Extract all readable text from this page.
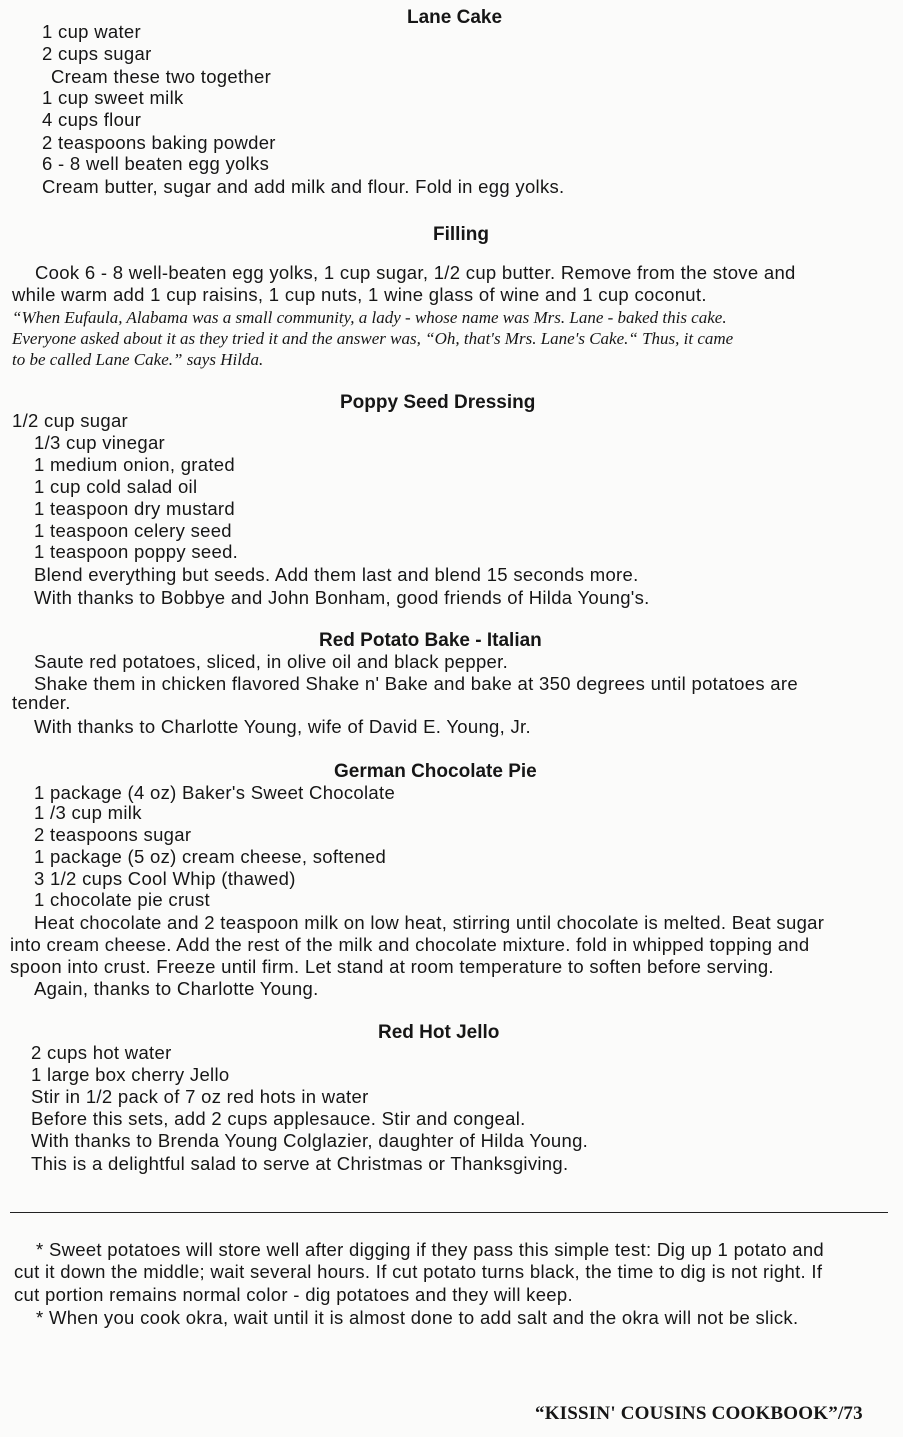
Lane Cake
1 cup water
2 cups sugar
Cream these two together
1 cup sweet milk
4 cups flour
2 teaspoons baking powder
6 - 8 well beaten egg yolks
Cream butter, sugar and add milk and flour. Fold in egg yolks.
Filling
Cook 6 - 8 well-beaten egg yolks, 1 cup sugar, 1/2 cup butter. Remove from the stove and
while warm add 1 cup raisins, 1 cup nuts, 1 wine glass of wine and 1 cup coconut.
“When Eufaula, Alabama was a small community, a lady - whose name was Mrs. Lane - baked this cake.
Everyone asked about it as they tried it and the answer was, “Oh, that's Mrs. Lane's Cake.“ Thus, it came
to be called Lane Cake.” says Hilda.
Poppy Seed Dressing
1/2 cup sugar
1/3 cup vinegar
1 medium onion, grated
1 cup cold salad oil
1 teaspoon dry mustard
1 teaspoon celery seed
1 teaspoon poppy seed.
Blend everything but seeds. Add them last and blend 15 seconds more.
With thanks to Bobbye and John Bonham, good friends of Hilda Young's.
Red Potato Bake - Italian
Saute red potatoes, sliced, in olive oil and black pepper.
Shake them in chicken flavored Shake n' Bake and bake at 350 degrees until potatoes are
tender.
With thanks to Charlotte Young, wife of David E. Young, Jr.
German Chocolate Pie
1 package (4 oz) Baker's Sweet Chocolate
1 /3 cup milk
2 teaspoons sugar
1 package (5 oz) cream cheese, softened
3 1/2 cups Cool Whip (thawed)
1 chocolate pie crust
Heat chocolate and 2 teaspoon milk on low heat, stirring until chocolate is melted. Beat sugar
into cream cheese. Add the rest of the milk and chocolate mixture. fold in whipped topping and
spoon into crust. Freeze until firm. Let stand at room temperature to soften before serving.
Again, thanks to Charlotte Young.
Red Hot Jello
2 cups hot water
1 large box cherry Jello
Stir in 1/2 pack of 7 oz red hots in water
Before this sets, add 2 cups applesauce. Stir and congeal.
With thanks to Brenda Young Colglazier, daughter of Hilda Young.
This is a delightful salad to serve at Christmas or Thanksgiving.
* Sweet potatoes will store well after digging if they pass this simple test: Dig up 1 potato and
cut it down the middle; wait several hours. If cut potato turns black, the time to dig is not right. If
cut portion remains normal color - dig potatoes and they will keep.
* When you cook okra, wait until it is almost done to add salt and the okra will not be slick.
“KISSIN' COUSINS COOKBOOK”/73
